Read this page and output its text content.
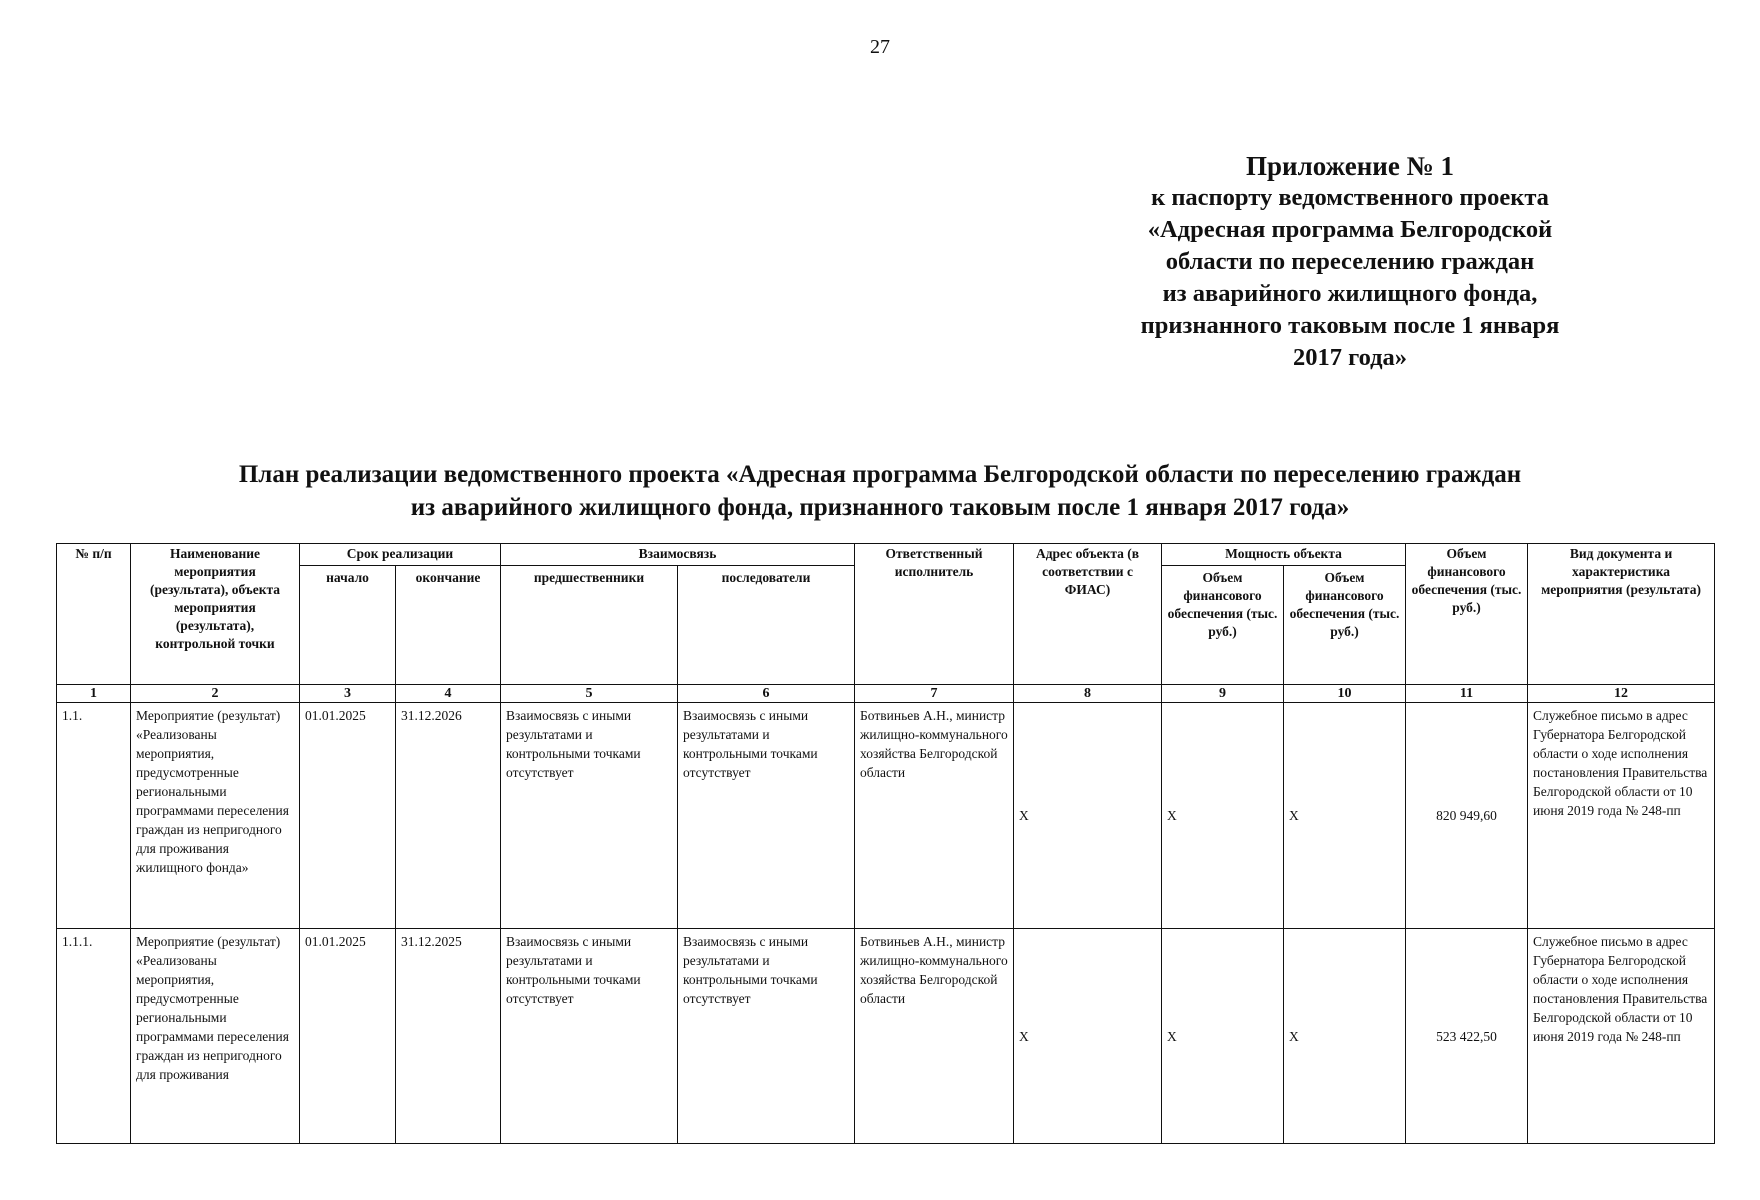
27
Приложение № 1
к паспорту ведомственного проекта
«Адресная программа Белгородской
области по переселению граждан
из аварийного жилищного фонда,
признанного таковым после 1 января
2017 года»
План реализации ведомственного проекта «Адресная программа Белгородской области по переселению граждан
из аварийного жилищного фонда, признанного таковым после 1 января 2017 года»
№ п/п	Наименование мероприятия (результата), объекта мероприятия (результата), контрольной точки	Срок реализации		Взаимосвязь		Ответственный исполнитель	Адрес объекта (в соответствии с ФИАС)	Мощность объекта		Объем финансового обеспечения (тыс. руб.)	Вид документа и характеристика мероприятия (результата)
		начало	окончание	предшественники	последователи			Объем финансового обеспечения (тыс. руб.)	Объем финансового обеспечения (тыс. руб.)		
1	2	3	4	5	6	7	8	9	10	11	12
1.1.	Мероприятие (результат) «Реализованы мероприятия, предусмотренные региональными программами переселения граждан из непригодного для проживания жилищного фонда»	01.01.2025	31.12.2026	Взаимосвязь с иными результатами и контрольными точками отсутствует	Взаимосвязь с иными результатами и контрольными точками отсутствует	Ботвиньев А.Н., министр жилищно-коммунального хозяйства Белгородской области	X	X	X	820 949,60	Служебное письмо в адрес Губернатора Белгородской области о ходе исполнения постановления Правительства Белгородской области от 10 июня 2019 года № 248-пп
1.1.1.	Мероприятие (результат) «Реализованы мероприятия, предусмотренные региональными программами переселения граждан из непригодного для проживания	01.01.2025	31.12.2025	Взаимосвязь с иными результатами и контрольными точками отсутствует	Взаимосвязь с иными результатами и контрольными точками отсутствует	Ботвиньев А.Н., министр жилищно-коммунального хозяйства Белгородской области	X	X	X	523 422,50	Служебное письмо в адрес Губернатора Белгородской области о ходе исполнения постановления Правительства Белгородской области от 10 июня 2019 года № 248-пп
